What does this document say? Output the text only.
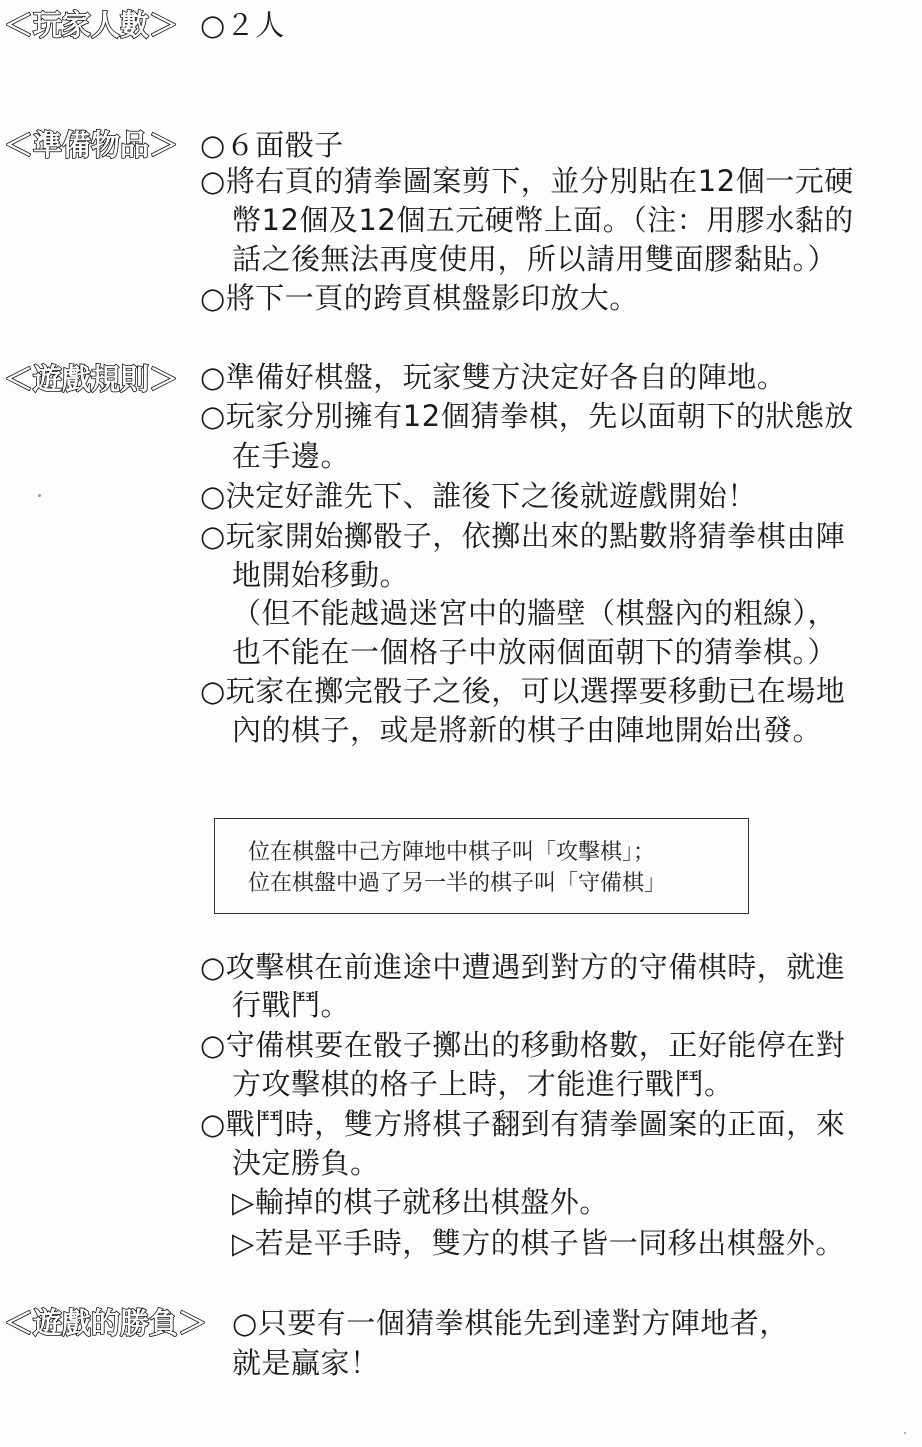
＜玩家人數＞ ○２人
＜準備物品＞ ○６面骰子
○將右頁的猜拳圖案剪下，並分別貼在12個一元硬
幣12個及12個五元硬幣上面。（注：用膠水黏的
話之後無法再度使用，所以請用雙面膠黏貼。）
○將下一頁的跨頁棋盤影印放大。
＜遊戲規則＞ ○準備好棋盤，玩家雙方決定好各自的陣地。
○玩家分別擁有12個猜拳棋，先以面朝下的狀態放
在手邊。
○決定好誰先下、誰後下之後就遊戲開始！
○玩家開始擲骰子，依擲出來的點數將猜拳棋由陣
地開始移動。
（但不能越過迷宮中的牆壁（棋盤內的粗線），
也不能在一個格子中放兩個面朝下的猜拳棋。）
○玩家在擲完骰子之後，可以選擇要移動已在場地
內的棋子，或是將新的棋子由陣地開始出發。
位在棋盤中己方陣地中棋子叫「攻擊棋」；
位在棋盤中過了另一半的棋子叫「守備棋」
○攻擊棋在前進途中遭遇到對方的守備棋時，就進
行戰鬥。
○守備棋要在骰子擲出的移動格數，正好能停在對
方攻擊棋的格子上時，才能進行戰鬥。
○戰鬥時，雙方將棋子翻到有猜拳圖案的正面，來
決定勝負。
▷輸掉的棋子就移出棋盤外。
▷若是平手時，雙方的棋子皆一同移出棋盤外。
＜遊戲的勝負＞ ○只要有一個猜拳棋能先到達對方陣地者，
就是贏家！
